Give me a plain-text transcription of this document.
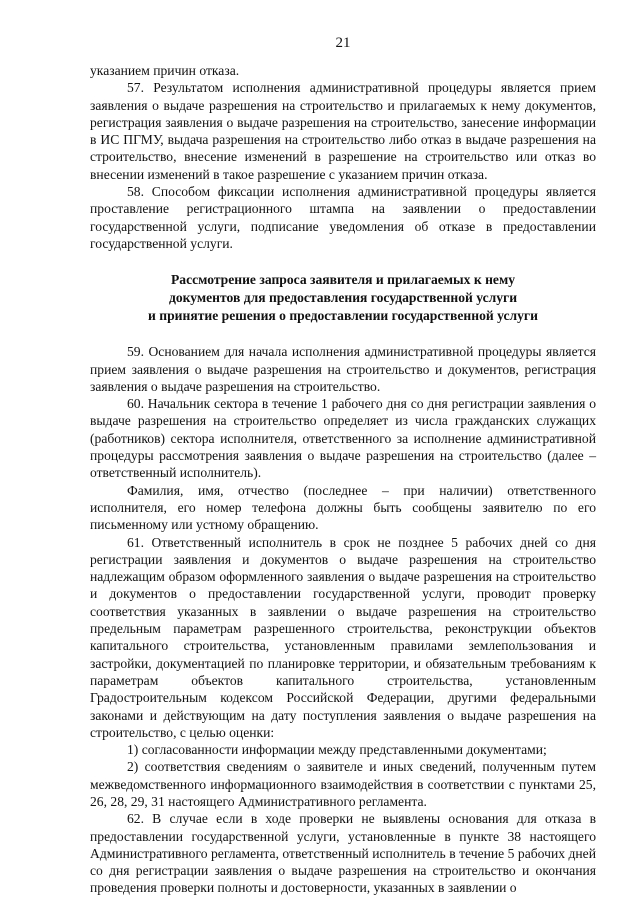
21

указанием причин отказа.

57. Результатом исполнения административной процедуры является прием заявления о выдаче разрешения на строительство и прилагаемых к нему документов, регистрация заявления о выдаче разрешения на строительство, занесение информации в ИС ПГМУ, выдача разрешения на строительство либо отказ в выдаче разрешения на строительство, внесение изменений в разрешение на строительство или отказ во внесении изменений в такое разрешение с указанием причин отказа.

58. Способом фиксации исполнения административной процедуры является проставление регистрационного штампа на заявлении о предоставлении государственной услуги, подписание уведомления об отказе в предоставлении государственной услуги.

Рассмотрение запроса заявителя и прилагаемых к нему
документов для предоставления государственной услуги
и принятие решения о предоставлении государственной услуги

59. Основанием для начала исполнения административной процедуры является прием заявления о выдаче разрешения на строительство и документов, регистрация заявления о выдаче разрешения на строительство.

60. Начальник сектора в течение 1 рабочего дня со дня регистрации заявления о выдаче разрешения на строительство определяет из числа гражданских служащих (работников) сектора исполнителя, ответственного за исполнение административной процедуры рассмотрения заявления о выдаче разрешения на строительство (далее – ответственный исполнитель).

Фамилия, имя, отчество (последнее – при наличии) ответственного исполнителя, его номер телефона должны быть сообщены заявителю по его письменному или устному обращению.

61. Ответственный исполнитель в срок не позднее 5 рабочих дней со дня регистрации заявления и документов о выдаче разрешения на строительство надлежащим образом оформленного заявления о выдаче разрешения на строительство и документов о предоставлении государственной услуги, проводит проверку соответствия указанных в заявлении о выдаче разрешения на строительство предельным параметрам разрешенного строительства, реконструкции объектов капитального строительства, установленным правилами землепользования и застройки, документацией по планировке территории, и обязательным требованиям к параметрам объектов капитального строительства, установленным Градостроительным кодексом Российской Федерации, другими федеральными законами и действующим на дату поступления заявления о выдаче разрешения на строительство, с целью оценки:

1) согласованности информации между представленными документами;

2) соответствия сведениям о заявителе и иных сведений, полученным путем межведомственного информационного взаимодействия в соответствии с пунктами 25, 26, 28, 29, 31 настоящего Административного регламента.

62. В случае если в ходе проверки не выявлены основания для отказа в предоставлении государственной услуги, установленные в пункте 38 настоящего Административного регламента, ответственный исполнитель в течение 5 рабочих дней со дня регистрации заявления о выдаче разрешения на строительство и окончания проведения проверки полноты и достоверности, указанных в заявлении о
